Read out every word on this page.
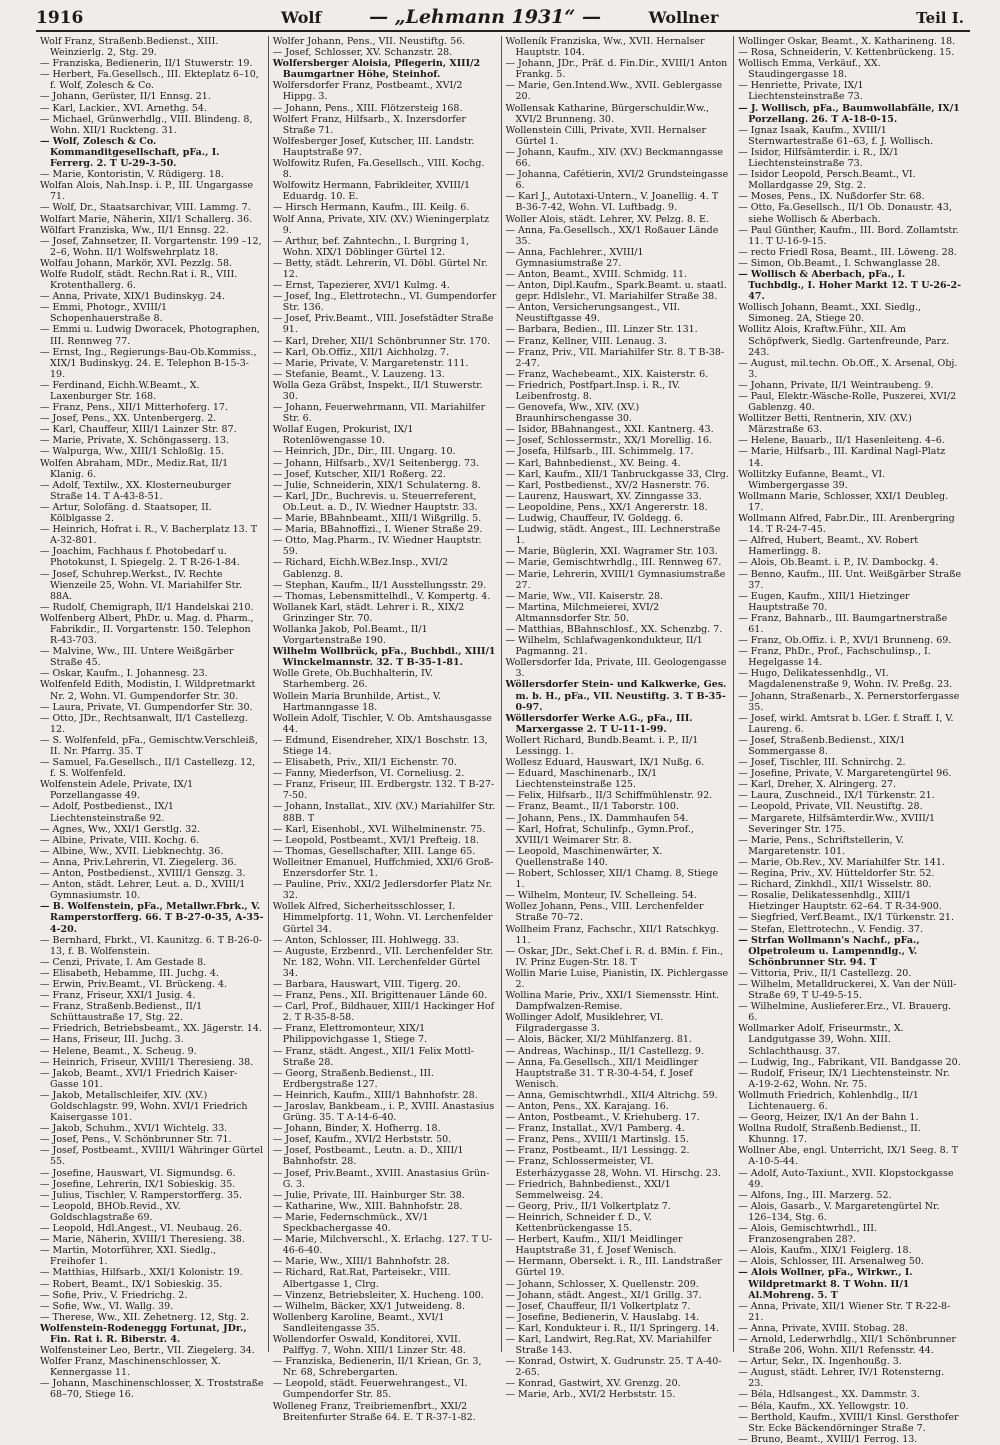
1916	Wolf	— „Lehmann 1931“ —	Wollner	Teil I.

Wolf Franz, Straßenb.Bedienst., XIII. Weinzierlg. 2, Stg. 29.

— Franziska, Bedienerin, II/1 Stuwerstr. 19.

— Herbert, Fa.Gesellsch., III. Ekteplatz 6–10, f. Wolf, Zolesch & Co.

— Johann, Gerüster, II/1 Ennsg. 21.

— Karl, Lackier., XVI. Arnethg. 54.

— Michael, Grünwerhdlg., VIII. Blindeng. 8, Wohn. XII/1 Ruckteng. 31.

— Wolf, Zolesch & Co. Kommanditgesellschaft, pFa., I. Ferrerg. 2. T U-29-3-50.

— Marie, Kontoristin, V. Rüdigerg. 18.

Wolfan Alois, Nah.Insp. i. P., III. Ungargasse 71.

— Wolf, Dr., Staatsarchivar, VIII. Lammg. 7.

Wolfart Marie, Näherin, XII/1 Schallerg. 36.

Wölfart Franziska, Ww., II/1 Ennsg. 22.

— Josef, Zahnsetzer, II. Vorgartenstr. 199 –12, 2–6, Wohn. II/1 Wolfswehrplatz 18.

Wolfau Johann, Markör, XVI. Pezzlg. 58.

Wolfe Rudolf, städt. Rechn.Rat i. R., VIII. Krotenthallerg. 6.

— Anna, Private, XIX/1 Budinskyg. 24.

— Emmi, Photogr., XVIII/1 Schopenhauerstraße 8.

— Emmi u. Ludwig Dworacek, Photographen, III. Rennweg 77.

— Ernst, Ing., Regierungs-Bau-Ob.Kommiss., XIX/1 Budinskyg. 24. E. Telephon B-15-3-19.

— Ferdinand, Eichh.W.Beamt., X. Laxenburger Str. 168.

— Franz, Pens., XII/1 Mitterhoferg. 17.

— Josef, Pens., XX. Untenbergerg. 2.

— Karl, Chauffeur, XIII/1 Lainzer Str. 87.

— Marie, Private, X. Schöngasserg. 13.

— Walpurga, Ww., XIII/1 Schloßlg. 15.

Wolfen Abraham, MDr., Mediz.Rat, II/1 Klanig. 6.

— Adolf, Textilw., XX. Klosterneuburger Straße 14. T A-43-8-51.

— Artur, Solofäng. d. Staatsoper, II. Kölblgasse 2.

— Heinrich, Hofrat i. R., V. Bacherplatz 13. T A-32-801.

— Joachim, Fachhaus f. Photobedarf u. Photokunst, I. Spiegelg. 2. T R-26-1-84.

— Josef, Schuhrep.Werkst., IV. Rechte Wienzeile 25, Wohn. VI. Mariahilfer Str. 88A.

— Rudolf, Chemigraph, II/1 Handelskai 210.

Wolfenberg Albert, PhDr. u. Mag. d. Pharm., Fabrikdir., II. Vorgartenstr. 150. Telephon R-43-703.

— Malvine, Ww., III. Untere Weißgärber Straße 45.

— Oskar, Kaufm., I. Johannesg. 23.

Wolfenfeld Edith, Modistin, I. Wildpretmarkt Nr. 2, Wohn. VI. Gumpendorfer Str. 30.

— Laura, Private, VI. Gumpendorfer Str. 30.

— Otto, JDr., Rechtsanwalt, II/1 Castellezg. 12.

— S. Wolfenfeld, pFa., Gemischtw.Verschleiß, II. Nr. Pfarrg. 35. T

— Samuel, Fa.Gesellsch., II/1 Castellezg. 12, f. S. Wolfenfeld.

Wolfenstein Adele, Private, IX/1 Porzellangasse 49.

— Adolf, Postbedienst., IX/1 Liechtensteinstraße 92.

— Agnes, Ww., XXI/1 Gerstlg. 32.

— Albine, Private, VIII. Kochg. 6.

— Albine, Ww., XVII. Liebknechtg. 36.

— Anna, Priv.Lehrerin, VI. Ziegelerg. 36.

— Anton, Postbedienst., XVIII/1 Genszg. 3.

— Anton, städt. Lehrer, Leut. a. D., XVIII/1 Gymnasiumstr. 10.

— B. Wolfenstein, pFa., Metallwr.Fbrk., V. Ramperstorfferg. 66. T B-27-0-35, A-35-4-20.

— Bernhard, Fbrkt., VI. Kaunitzg. 6. T B-26-0-13, f. B. Wolfenstein.

— Cenzi, Private, I. Am Gestade 8.

— Elisabeth, Hebamme, III. Juchg. 4.

— Erwin, Priv.Beamt., VI. Brückeng. 4.

— Franz, Friseur, XXI/1 Jusig. 4.

— Franz, Straßenb.Bedienst., II/1 Schüttaustraße 17, Stg. 22.

— Friedrich, Betriebsbeamt., XX. Jägerstr. 14.

— Hans, Friseur, III. Juchg. 3.

— Helene, Beamt., X. Scheug. 9.

— Heinrich, Friseur, XVIII/1 Theresieng. 38.

— Jakob, Beamt., XVI/1 Friedrich Kaiser-Gasse 101.

— Jakob, Metallschleifer, XIV. (XV.) Goldschlagstr. 99, Wohn. XVI/1 Friedrich Kaisergasse 101.

— Jakob, Schuhm., XVI/1 Wichtelg. 33.

— Josef, Pens., V. Schönbrunner Str. 71.

— Josef, Postbeamt., XVIII/1 Währinger Gürtel 55.

— Josefine, Hauswart, VI. Sigmundsg. 6.

— Josefine, Lehrerin, IX/1 Sobieskig. 35.

— Julius, Tischler, V. Ramperstorfferg. 35.

— Leopold, BHOb.Revid., XV. Goldschlagstraße 69.

— Leopold, Hdl.Angest., VI. Neubaug. 26.

— Marie, Näherin, XVIII/1 Theresieng. 38.

— Martin, Motorführer, XXI. Siedlg., Freihofer 1.

— Matthias, Hilfsarb., XXI/1 Kolonistr. 19.

— Robert, Beamt., IX/1 Sobieskig. 35.

— Sofie, Priv., V. Friedrichg. 2.

— Sofie, Ww., VI. Wallg. 39.

— Therese, Ww., XII. Zehetnerg. 12, Stg. 2.

Wolfenstein-Rodeneggg Fortunat, JDr., Fin. Rat i. R. Biberstr. 4.

Wolfensteiner Leo, Bertr., VII. Ziegelerg. 34.

Wolfer Franz, Maschinenschlosser, X. Kennergasse 11.

— Johann, Maschinenschlosser, X. Troststraße 68–70, Stiege 16.

Wolfer Johann, Pens., VII. Neustiftg. 56.

— Josef, Schlosser, XV. Schanzstr. 28.

Wolfersberger Aloisia, Pflegerin, XIII/2 Baumgartner Höhe, Steinhof.

Wolfersdorfer Franz, Postbeamt., XVI/2 Hippg. 3.

— Johann, Pens., XIII. Flötzersteig 168.

Wolfert Franz, Hilfsarb., X. Inzersdorfer Straße 71.

Wolfesberger Josef, Kutscher, III. Landstr. Hauptstraße 97.

Wolfowitz Rufen, Fa.Gesellsch., VIII. Kochg. 8.

Wolfowitz Hermann, Fabrikleiter, XVIII/1 Eduardg. 10. E.

— Hirsch Hermann, Kaufm., III. Keilg. 6.

Wolf Anna, Private, XIV. (XV.) Wieningerplatz 9.

— Arthur, bef. Zahntechn., I. Burgring 1, Wohn. XIX/1 Döblinger Gürtel 12.

— Betty, städt. Lehrerin, VI. Döbl. Gürtel Nr. 12.

— Ernst, Tapezierer, XVI/1 Kulmg. 4.

— Josef, Ing., Elettrotechn., VI. Gumpendorfer Str. 136.

— Josef, Priv.Beamt., VIII. Josefstädter Straße 91.

— Karl, Dreher, XII/1 Schönbrunner Str. 170.

— Karl, Ob.Offiz., XII/1 Aichholzg. 7.

— Marie, Private, V. Margaretenstr. 111.

— Stefanie, Beamt., V. Lauzeng. 13.

Wolla Geza Gräbst, Inspekt., II/1 Stuwerstr. 30.

— Johann, Feuerwehrmann, VII. Mariahilfer Str. 6.

Wollaf Eugen, Prokurist, IX/1 Rotenlöwengasse 10.

— Heinrich, JDr., Dir., III. Ungarg. 10.

— Johann, Hilfsarb., XV/1 Seitenbergg. 73.

— Josef, Kutscher, XII/1 Roßerg. 22.

— Julie, Schneiderin, XIX/1 Schulaterng. 8.

— Karl, JDr., Buchrevis. u. Steuerreferent, Ob.Leut. a. D., IV. Wiedner Hauptstr. 33.

— Marie, BBahnbeamt., XIII/1 Wißgrillg. 5.

— Maria, BBahnoffizi., I. Wiener Straße 29.

— Otto, Mag.Pharm., IV. Wiedner Hauptstr. 59.

— Richard, Eichh.W.Bez.Insp., XVI/2 Gablenzg. 8.

— Stephan, Kaufm., II/1 Ausstellungsstr. 29.

— Thomas, Lebensmittelhdl., V. Kompertg. 4.

Wollanek Karl, städt. Lehrer i. R., XIX/2 Grinzinger Str. 70.

Wollanka Jakob, Pol.Beamt., II/1 Vorgartenstraße 190.

Wilhelm Wollbrück, pFa., Buchbdl., XIII/1 Winckelmannstr. 32. T B-35-1-81.

Wolle Grete, Ob.Buchhalterin, IV. Starhemberg. 26.

Wollein Maria Brunhilde, Artist., V. Hartmanngasse 18.

Wollein Adolf, Tischler, V. Ob. Amtshausgasse 44.

— Edmund, Eisendreher, XIX/1 Boschstr. 13, Stiege 14.

— Elisabeth, Priv., XII/1 Eichenstr. 70.

— Fanny, Miederfson, VI. Corneliusg. 2.

— Franz, Friseur, III. Erdbergstr. 132. T B-27-7-50.

— Johann, Installat., XIV. (XV.) Mariahilfer Str. 88B. T

— Karl, Eisenhobl., XVI. Wilhelminenstr. 75.

— Leopold, Postbeamt., XVI/1 Prefteig. 18.

— Thomas, Gesellschafter, XIII. Lange 65.

Wolleitner Emanuel, Huffchmied, XXI/6 Groß-Enzersdorfer Str. 1.

— Pauline, Priv., XXI/2 Jedlersdorfer Platz Nr. 32.

Wollek Alfred, Sicherheitsschlosser, I. Himmelpfortg. 11, Wohn. VI. Lerchenfelder Gürtel 34.

— Anton, Schlosser, III. Hohlwegg. 33.

— Auguste, Erzbenrd., VII. Lerchenfelder Str. Nr. 182, Wohn. VII. Lerchenfelder Gürtel 34.

— Barbara, Hauswart, VIII. Tigerg. 20.

— Franz, Pens., XII. Brigittenauer Lände 60.

— Carl, Prof., Bildhauer, XIII/1 Hackinger Hof 2. T R-35-8-58.

— Franz, Elettromonteur, XIX/1 Philippovichgasse 1, Stiege 7.

— Franz, städt. Angest., XII/1 Felix Mottl-Straße 28.

— Georg, Straßenb.Bedienst., III. Erdbergstraße 127.

— Heinrich, Kaufm., XIII/1 Bahnhofstr. 28.

— Jaroslav, Bankbeam., i. P., XVIII. Anastasius Grüng. 35. T A-14-6-40.

— Johann, Binder, X. Hofherrg. 18.

— Josef, Kaufm., XVI/2 Herbststr. 50.

— Josef, Postbeamt., Leutn. a. D., XIII/1 Bahnhofstr. 28.

— Josef, Priv.Beamt., XVIII. Anastasius Grün-G. 3.

— Julie, Private, III. Hainburger Str. 38.

— Katharine, Ww., XIII. Bahnhofstr. 28.

— Marie, Federnschmück., XV/1 Speckbachergasse 40.

— Marie, Milchverschl., X. Erlachg. 127. T U-46-6-40.

— Marie, Ww., XIII/1 Bahnhofstr. 28.

— Richard, Rat.Rat, Parteisekr., VIII. Albertgasse 1, Clrg.

— Vinzenz, Betriebsleiter, X. Hucheng. 100.

— Wilhelm, Bäcker, XX/1 Jutweideng. 8.

Wollenberg Karoline, Beamt., XVI/1 Sandleitengasse 35.

Wollendorfer Oswald, Konditorei, XVII. Palffyg. 7, Wohn. XIII/1 Linzer Str. 48.

— Franziska, Bedienerin, II/1 Kriean, Gr. 3, Nr. 68, Schrebergarten.

— Leopold, städt. Feuerwehrangest., VI. Gumpendorfer Str. 85.

Wolleneg Franz, Treibriemenfbrt., XXI/2 Breitenfurter Straße 64. E. T R-37-1-82.

Wolleník Franziska, Ww., XVII. Hernalser Hauptstr. 104.

— Johann, JDr., Präf. d. Fin.Dir., XVIII/1 Anton Frankg. 5.

— Marie, Gen.Intend.Ww., XVII. Geblergasse 20.

Wollensak Katharine, Bürgerschuldir.Ww., XVI/2 Brunneng. 30.

Wollenstein Cilli, Private, XVII. Hernalser Gürtel 1.

— Johann, Kaufm., XIV. (XV.) Beckmanngasse 66.

— Johanna, Cafétierin, XVI/2 Grundsteingasse 6.

— Karl J., Autotaxi-Untern., V. Joanellig. 4. T B-36-7-42, Wohn. VI. Luftbadg. 9.

Woller Alois, städt. Lehrer, XV. Pelzg. 8. E.

— Anna, Fa.Gesellsch., XX/1 Roßauer Lände 35.

— Anna, Fachlehrer., XVIII/1 Gymnasiumstraße 27.

— Anton, Beamt., XVIII. Schmidg. 11.

— Anton, Dipl.Kaufm., Spark.Beamt. u. staatl. gepr. Hdlslehr., VI. Mariahilfer Straße 38.

— Anton, Versicherungsangest., VII. Neustiftgasse 49.

— Barbara, Bedien., III. Linzer Str. 131.

— Franz, Kellner, VIII. Lenaug. 3.

— Franz, Priv., VII. Mariahilfer Str. 8. T B-38-2-47.

— Franz, Wachebeamt., XIX. Kaisterstr. 6.

— Friedrich, Postfpart.Insp. i. R., IV. Leibenfrostg. 8.

— Genovefa, Ww., XIV. (XV.) Braunhirschengasse 30.

— Isidor, BBahnangest., XXI. Kantnerg. 43.

— Josef, Schlossermstr., XX/1 Morellig. 16.

— Josefa, Hilfsarb., III. Schimmelg. 17.

— Karl, Bahnbedienst., XV. Being. 4.

— Karl, Kaufm., XII/1 Tanbruckgasse 33, Clrg.

— Karl, Postbedienst., XV/2 Hasnerstr. 76.

— Laurenz, Hauswart, XV. Zinngasse 33.

— Leopoldine, Pens., XX/1 Angererstr. 18.

— Ludwig, Chauffeur, IV. Goldegg. 6.

— Ludwig, städt. Angest., III. Lechnerstraße 1.

— Marie, Büglerin, XXI. Wagramer Str. 103.

— Marie, Gemischtwrhdlg., III. Rennweg 67.

— Marie, Lehrerin, XVIII/1 Gymnasiumstraße 27.

— Marie, Ww., VII. Kaiserstr. 28.

— Martina, Milchmeierei, XVI/2 Altmannsdorfer Str. 50.

— Matthias, BBahnschlosf., XX. Schenzbg. 7.

— Wilhelm, Schlafwagenkondukteur, II/1 Pagmanng. 21.

Wollersdorfer Ida, Private, III. Geologengasse 3.

Wöllersdorfer Stein- und Kalkwerke, Ges. m. b. H., pFa., VII. Neustiftg. 3. T B-35-0-97.

Wöllersdorfer Werke A.G., pFa., III. Marxergasse 2. T U-11-1-99.

Wollert Richard, Bundb.Beamt. i. P., II/1 Lessingg. 1.

Wollesz Eduard, Hauswart, IX/1 Nußg. 6.

— Eduard, Maschinenarb., IX/1 Liechtensteinstraße 125.

— Felix, Hilfsarb., II/3 Schiffmühlenstr. 92.

— Franz, Beamt., II/1 Taborstr. 100.

— Johann, Pens., IX. Dammhaufen 54.

— Karl, Hofrat, Schulinfp., Gymn.Prof., XVIII/1 Weimarer Str. 8.

— Leopold, Maschinenwärter, X. Quellenstraße 140.

— Robert, Schlosser, XII/1 Chamg. 8, Stiege 1.

— Wilhelm, Monteur, IV. Schelleing. 54.

Wollez Johann, Pens., VIII. Lerchenfelder Straße 70–72.

Wollheim Franz, Fachschr., XII/1 Ratschkyg. 11.

— Oskar, JDr., Sekt.Chef i. R. d. BMin. f. Fin., IV. Prinz Eugen-Str. 18. T

Wollin Marie Luise, Pianistin, IX. Pichlergasse 2.

Wollina Marie, Priv., XXI/1 Siemensstr. Hint. Dampfwalzen-Remise.

Wollinger Adolf, Musiklehrer, VI. Filgradergasse 3.

— Alois, Bäcker, XI/2 Mühlfanzerg. 81.

— Andreas, Wachinsp., II/1 Castellezg. 9.

— Anna, Fa.Gesellsch., XII/1 Meidlinger Hauptstraße 31. T R-30-4-54, f. Josef Wenisch.

— Anna, Gemischtwrhdl., XII/4 Altrichg. 59.

— Anton, Pens., XX. Karajang. 16.

— Anton, Postbeamt., V. Kriehuberg. 17.

— Franz, Installat., XV/1 Pamberg. 4.

— Franz, Pens., XVIII/1 Martinslg. 15.

— Franz, Postbeamt., II/1 Lessingg. 2.

— Franz, Schlossermeister, VI. Esterházygasse 28, Wohn. VI. Hirschg. 23.

— Friedrich, Bahnbedienst., XXI/1 Semmelweisg. 24.

— Georg, Priv., II/1 Volkertplatz 7.

— Heinrich, Schneider f. D., V. Kettenbrückengasse 15.

— Herbert, Kaufm., XII/1 Meidlinger Hauptstraße 31, f. Josef Wenisch.

— Hermann, Obersekt. i. R., III. Landstraßer Gürtel 19.

— Johann, Schlosser, X. Quellenstr. 209.

— Johann, städt. Angest., XI/1 Grillg. 37.

— Josef, Chauffeur, II/1 Volkertplatz 7.

— Josefine, Bedienerin, V. Hauslabg. 14.

— Karl, Kondukteur i. R., II/1 Springerg. 14.

— Karl, Landwirt, Reg.Rat, XV. Mariahilfer Straße 143.

— Konrad, Ostwirt, X. Gudrunstr. 25. T A-40-2-65.

— Konrad, Gastwirt, XV. Grenzg. 20.

— Marie, Arb., XVI/2 Herbststr. 15.

Wollinger Oskar, Beamt., X. Katharineng. 18.

— Rosa, Schneiderin, V. Kettenbrückeng. 15.

Wollisch Emma, Verkäuf., XX. Staudingergasse 18.

— Henriette, Private, IX/1 Liechtensteinstraße 73.

— J. Wollisch, pFa., Baumwollabfälle, IX/1 Porzellang. 26. T A-18-0-15.

— Ignaz Isaak, Kaufm., XVIII/1 Sternwartestraße 61–63, f. J. Wollisch.

— Isidor, Hilfsämterdir. i. R., IX/1 Liechtensteinstraße 73.

— Isidor Leopold, Persch.Beamt., VI. Mollardgasse 29, Stg. 2.

— Moses, Pens., IX. Nußdorfer Str. 68.

— Otto, Fa.Gesellsch., II/1 Ob. Donaustr. 43, siehe Wollisch & Aberbach.

— Paul Günther, Kaufm., III. Bord. Zollamtstr. 11. T U-16-9-15.

— recto Friedl Rosa, Beamt., III. Löweng. 28.

— Simon, Ob.Beamt., I. Schwanglasse 28.

— Wollisch & Aberbach, pFa., I. Tuchbdlg., I. Hoher Markt 12. T U-26-2-47.

Wollisch Johann, Beamt., XXI. Siedlg., Simoneg. 2A, Stiege 20.

Wollitz Alois, Kraftw.Führ., XII. Am Schöpfwerk, Siedlg. Gartenfreunde, Parz. 243.

— August, mil.techn. Ob.Off., X. Arsenal, Obj. 3.

— Johann, Private, II/1 Weintraubeng. 9.

— Paul, Elektr.-Wäsche-Rolle, Puszerei, XVI/2 Gablenzg. 40.

Wollitzer Betti, Rentnerin, XIV. (XV.) Märzstraße 63.

— Helene, Bauarb., II/1 Hasenleiteng. 4–6.

— Marie, Hilfsarb., III. Kardinal Nagl-Platz 14.

Wollitzky Eufanne, Beamt., VI. Wimbergergasse 39.

Wollmann Marie, Schlosser, XXI/1 Deubleg. 17.

Wollmann Alfred, Fabr.Dir., III. Arenbergring 14. T R-24-7-45.

— Alfred, Hubert, Beamt., XV. Robert Hamerlingg. 8.

— Alois, Ob.Beamt. i. P., IV. Dambockg. 4.

— Benno, Kaufm., III. Unt. Weißgärber Straße 37.

— Eugen, Kaufm., XIII/1 Hietzinger Hauptstraße 70.

— Franz, Bahnarb., III. Baumgartnerstraße 61.

— Franz, Ob.Offiz. i. P., XVI/1 Brunneng. 69.

— Franz, PhDr., Prof., Fachschulinsp., I. Hegelgasse 14.

— Hugo, Delikatessenhdlg., VI. Magdalenenstraße 9, Wohn. IV. Preßg. 23.

— Johann, Straßenarb., X. Pernerstorfergasse 35.

— Josef, wirkl. Amtsrat b. LGer. f. Straff. I, V. Laureng. 6.

— Josef, Straßenb.Bedienst., XIX/1 Sommergasse 8.

— Josef, Tischler, III. Schnirchg. 2.

— Josefine, Private, V. Margaretengürtel 96.

— Karl, Dreher, X. Alringerg. 27.

— Laura, Zuschneid., IX/1 Türkenstr. 21.

— Leopold, Private, VII. Neustiftg. 28.

— Margarete, Hilfsämterdir.Ww., XVIII/1 Severinger Str. 175.

— Marie, Pens., Schriftstellerin, V. Margaretenstr. 101.

— Marie, Ob.Rev., XV. Mariahilfer Str. 141.

— Regina, Priv., XV. Hütteldorfer Str. 52.

— Richard, Zinkhdl., XII/1 Wisselstr. 80.

— Rosalie, Delikatessenhdlg., XIII/1 Hietzinger Hauptstr. 62–64. T R-34-900.

— Siegfried, Verf.Beamt., IX/1 Türkenstr. 21.

— Stefan, Elettrotechn., V. Fendig. 37.

— Strfan Wollmann's Nachf., pFa., Olpetroleum u. Lampenndlg., V. Schönbrunner Str. 94. T

— Vittoria, Priv., II/1 Castellezg. 20.

— Wilhelm, Metalldruckerei, X. Van der Nüll-Straße 69, T U-49-5-15.

— Wilhelmine, Auslieferer.Erz., VI. Brauerg. 6.

Wollmarker Adolf, Friseurmstr., X. Landgutgasse 39, Wohn. XIII. Schlachthausg. 37.

— Ludwig, Ing., Fabrikant, VII. Bandgasse 20.

— Rudolf, Friseur, IX/1 Liechtensteinstr. Nr. A-19-2-62, Wohn. Nr. 75.

Wollmuth Friedrich, Kohlenhdlg., II/1 Lichtenauerg. 6.

— Georg, Heizer, IX/1 An der Bahn 1.

Wollna Rudolf, Straßenb.Bedienst., II. Khunng. 17.

Wollner Abe, engl. Unterricht, IX/1 Seeg. 8. T A-10-5-44.

— Adolf, Auto-Taxiunt., XVII. Klopstockgasse 49.

— Alfons, Ing., III. Marzerg. 52.

— Alois, Gasarb., V. Margaretengürtel Nr. 126–134, Stg. 6.

— Alois, Gemischtwrhdl., III. Franzosengraben 28?.

— Alois, Kaufm., XIX/1 Feiglerg. 18.

— Alois, Schlosser, III. Arsenalweg 50.

— Alois Wollner, pFa., Wirkwr., I. Wildpretmarkt 8. T Wohn. II/1 Al.Mohreng. 5. T

— Anna, Private, XII/1 Wiener Str. T R-22-8-21.

— Anna, Private, XVIII. Stobag. 28.

— Arnold, Lederwrhdlg., XII/1 Schönbrunner Straße 206, Wohn. XII/1 Refensstr. 44.

— Artur, Sekr., IX. Ingenhoußg. 3.

— August, städt. Lehrer, IV/1 Rotensterng. 23.

— Béla, Hdlsangest., XX. Dammstr. 3.

— Béla, Kaufm., XX. Yellowgstr. 10.

— Berthold, Kaufm., XVIII/1 Kinsl. Gersthofer Str. Ecke Bäckendörninger Straße 7.

— Bruno, Beamt., XVIII/1 Ferrog. 13.
